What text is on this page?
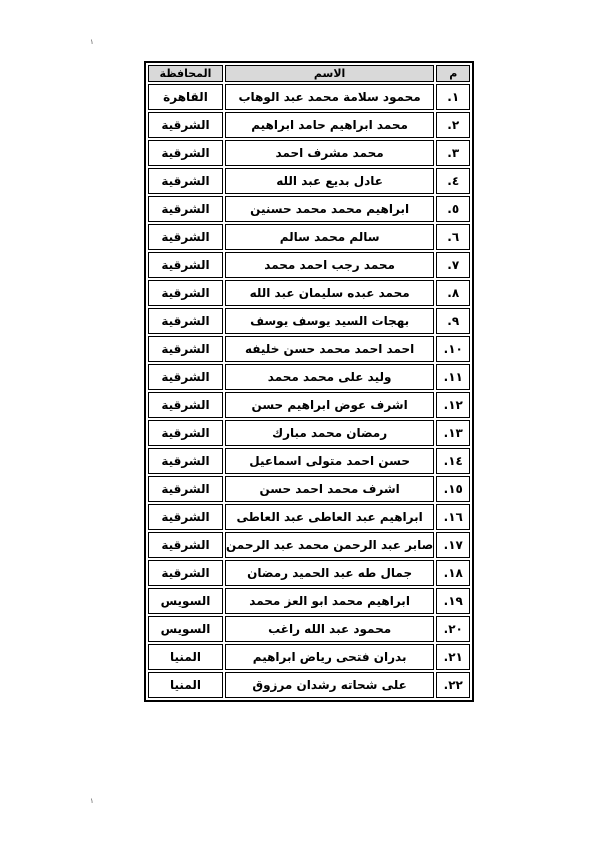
١
م	الاسم	المحافظة
١.	محمود سلامة محمد عبد الوهاب	القاهرة
٢.	محمد ابراهيم حامد ابراهيم	الشرقية
٣.	محمد مشرف احمد	الشرقية
٤.	عادل بديع عبد الله	الشرقية
٥.	ابراهيم محمد محمد حسنين	الشرقية
٦.	سالم محمد سالم	الشرقية
٧.	محمد رجب احمد محمد	الشرقية
٨.	محمد عبده سليمان عبد الله	الشرقية
٩.	بهجات السيد يوسف يوسف	الشرقية
١٠.	احمد احمد محمد حسن خليفه	الشرقية
١١.	وليد على محمد محمد	الشرقية
١٢.	اشرف عوض ابراهيم حسن	الشرقية
١٣.	رمضان محمد مبارك	الشرقية
١٤.	حسن احمد متولى اسماعيل	الشرقية
١٥.	اشرف محمد احمد حسن	الشرقية
١٦.	ابراهيم عبد العاطى عبد العاطى	الشرقية
١٧.	صابر عبد الرحمن محمد عبد الرحمن	الشرقية
١٨.	جمال طه عبد الحميد رمضان	الشرقية
١٩.	ابراهيم محمد ابو العز محمد	السويس
٢٠.	محمود عبد الله راغب	السويس
٢١.	بدران فتحى رياض ابراهيم	المنيا
٢٢.	على شحاته رشدان مرزوق	المنيا
١
